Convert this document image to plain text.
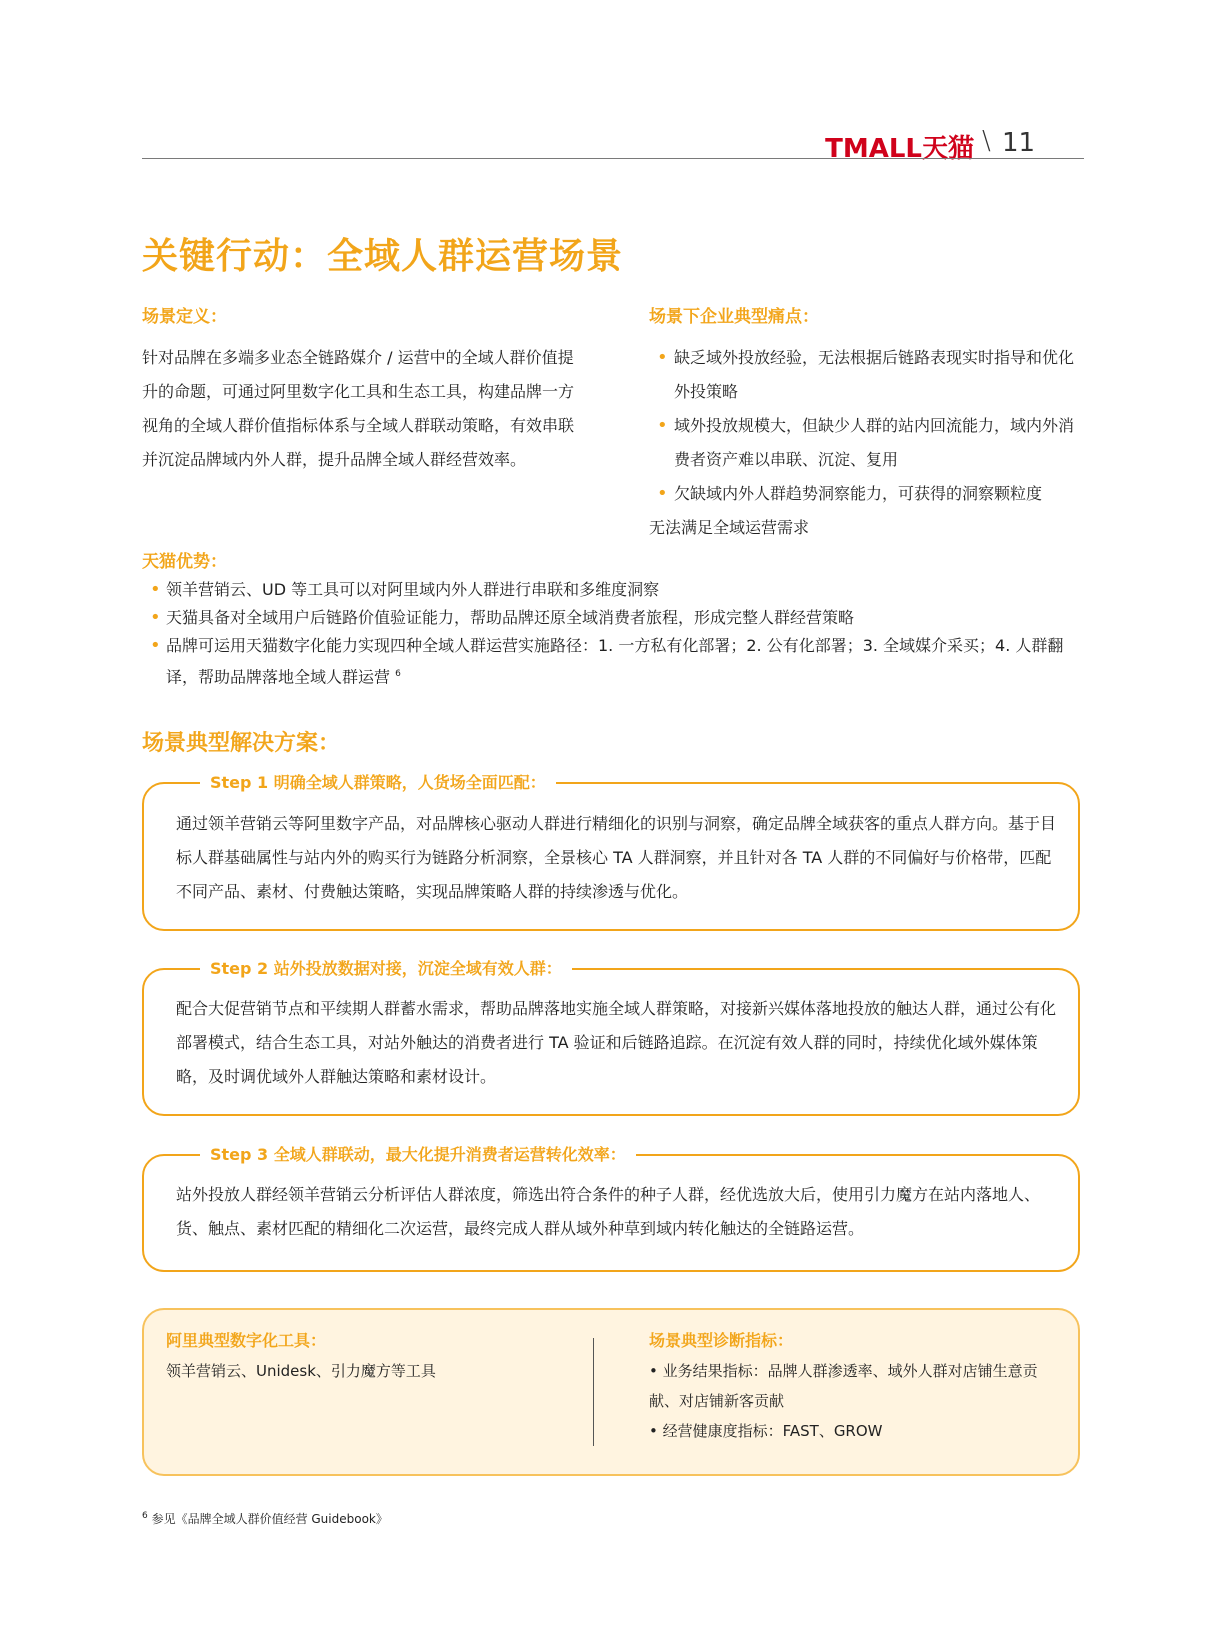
TMALL天猫 \ 11
关键行动：全域人群运营场景
场景定义：
针对品牌在多端多业态全链路媒介 / 运营中的全域人群价值提升的命题，可通过阿里数字化工具和生态工具，构建品牌一方视角的全域人群价值指标体系与全域人群联动策略，有效串联并沉淀品牌域内外人群，提升品牌全域人群经营效率。
场景下企业典型痛点：
• 缺乏域外投放经验，无法根据后链路表现实时指导和优化外投策略
• 域外投放规模大，但缺少人群的站内回流能力，域内外消费者资产难以串联、沉淀、复用
• 欠缺域内外人群趋势洞察能力，可获得的洞察颗粒度
无法满足全域运营需求
天猫优势：
• 领羊营销云、UD 等工具可以对阿里域内外人群进行串联和多维度洞察
• 天猫具备对全域用户后链路价值验证能力，帮助品牌还原全域消费者旅程，形成完整人群经营策略
• 品牌可运用天猫数字化能力实现四种全域人群运营实施路径：1. 一方私有化部署；2. 公有化部署；3. 全域媒介采买；4. 人群翻译，帮助品牌落地全域人群运营 $^6$
场景典型解决方案：
Step 1 明确全域人群策略，人货场全面匹配：
通过领羊营销云等阿里数字产品，对品牌核心驱动人群进行精细化的识别与洞察，确定品牌全域获客的重点人群方向。基于目标人群基础属性与站内外的购买行为链路分析洞察，全景核心 TA 人群洞察，并且针对各 TA 人群的不同偏好与价格带，匹配不同产品、素材、付费触达策略，实现品牌策略人群的持续渗透与优化。
Step 2 站外投放数据对接，沉淀全域有效人群：
配合大促营销节点和平续期人群蓄水需求，帮助品牌落地实施全域人群策略，对接新兴媒体落地投放的触达人群，通过公有化部署模式，结合生态工具，对站外触达的消费者进行 TA 验证和后链路追踪。在沉淀有效人群的同时，持续优化域外媒体策略，及时调优域外人群触达策略和素材设计。
Step 3 全域人群联动，最大化提升消费者运营转化效率：
站外投放人群经领羊营销云分析评估人群浓度，筛选出符合条件的种子人群，经优选放大后，使用引力魔方在站内落地人、货、触点、素材匹配的精细化二次运营，最终完成人群从域外种草到域内转化触达的全链路运营。
阿里典型数字化工具：
领羊营销云、Unidesk、引力魔方等工具
场景典型诊断指标：
• 业务结果指标：品牌人群渗透率、域外人群对店铺生意贡献、对店铺新客贡献
• 经营健康度指标：FAST、GROW
$^6$ 参见《品牌全域人群价值经营 Guidebook》
